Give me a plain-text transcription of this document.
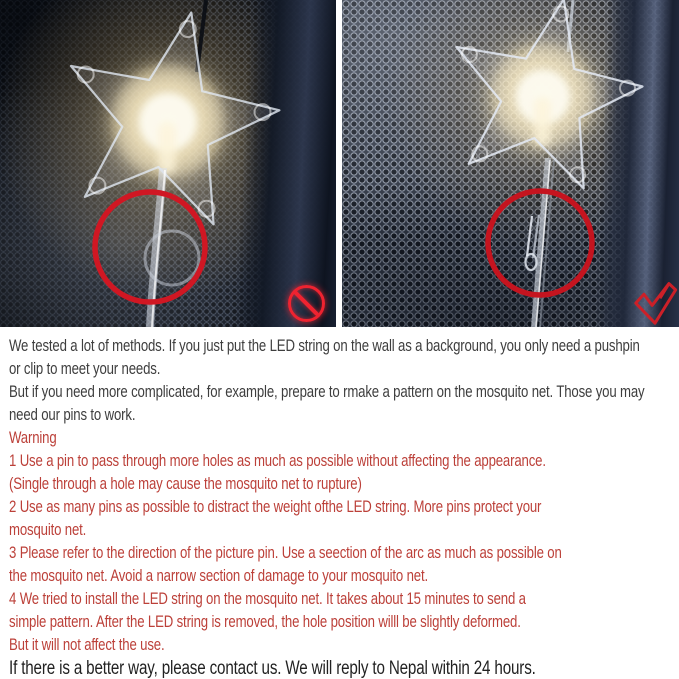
We tested a lot of methods. If you just put the LED string on the wall as a background, you only need a pushpin
or clip to meet your needs.
But if you need more complicated, for example, prepare to rmake a pattern on the mosquito net. Those you may
need our pins to work.
Warning
1 Use a pin to pass through more holes as much as possible without affecting the appearance.
(Single through a hole may cause the mosquito net to rupture)
2 Use as many pins as possible to distract the weight ofthe LED string. More pins protect your
mosquito net.
3 Please refer to the direction of the picture pin. Use a seection of the arc as much as possible on
the mosquito net. Avoid a narrow section of damage to your mosquito net.
4 We tried to install the LED string on the mosquito net. It takes about 15 minutes to send a
simple pattern. After the LED string is removed, the hole position willl be slightly deformed.
But it will not affect the use.
If there is a better way, please contact us. We will reply to Nepal within 24 hours.
